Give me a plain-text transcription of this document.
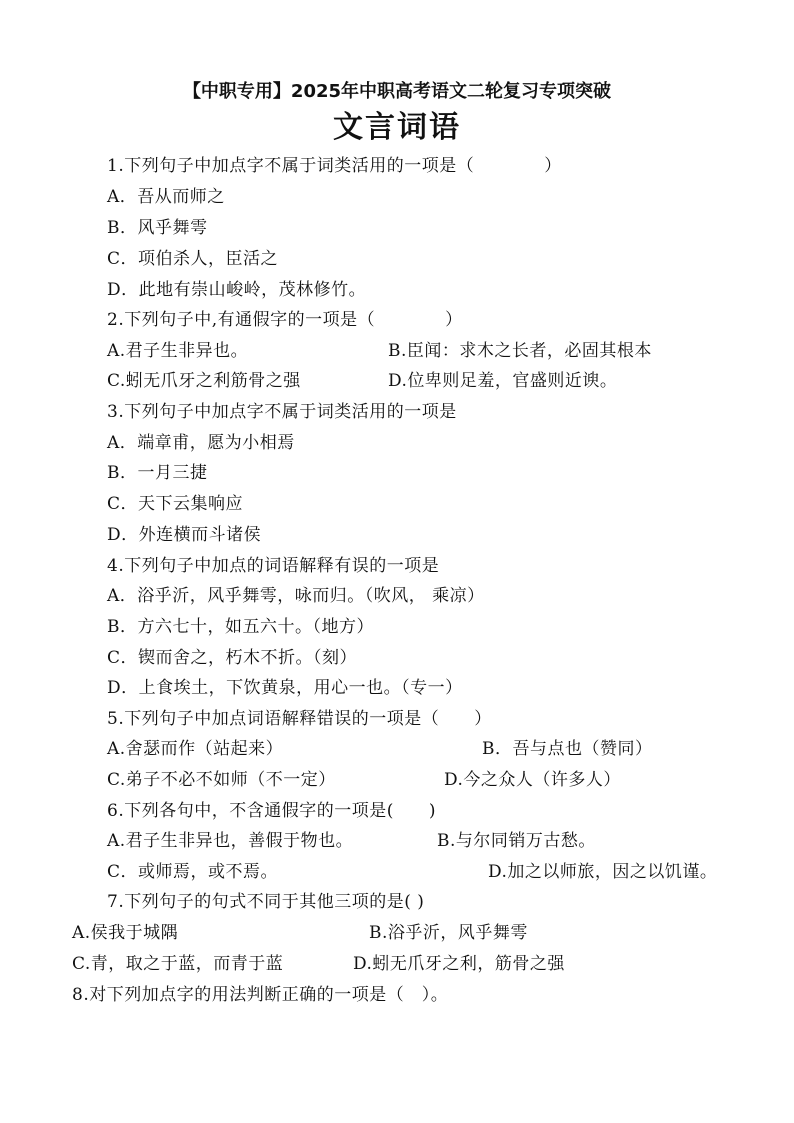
【中职专用】2025年中职高考语文二轮复习专项突破
文言词语
1.下列句子中加点字不属于词类活用的一项是（　　　　）
A．吾从而师之
B．风乎舞雩
C．项伯杀人，臣活之
D．此地有崇山峻岭，茂林修竹。
2.下列句子中,有通假字的一项是（　　　　）
A.君子生非异也。	B.臣闻：求木之长者，必固其根本
C.蚓无爪牙之利筋骨之强	D.位卑则足羞，官盛则近谀。
3.下列句子中加点字不属于词类活用的一项是
A．端章甫，愿为小相焉
B．一月三捷
C．天下云集响应
D．外连横而斗诸侯
4.下列句子中加点的词语解释有误的一项是
A．浴乎沂，风乎舞雩，咏而归。（吹风， 乘凉）
B．方六七十，如五六十。（地方）
C．锲而舍之，朽木不折。（刻）
D．上食埃土，下饮黄泉，用心一也。（专一）
5.下列句子中加点词语解释错误的一项是（　　）
A.舍瑟而作（站起来）	B．吾与点也（赞同）
C.弟子不必不如师（不一定）	D.今之众人（许多人）
6.下列各句中，不含通假字的一项是(　　)
A.君子生非异也，善假于物也。	B.与尔同销万古愁。
C．或师焉，或不焉。	D.加之以师旅，因之以饥谨。
7.下列句子的句式不同于其他三项的是( )
A.侯我于城隅	B.浴乎沂，风乎舞雩
C.青，取之于蓝，而青于蓝	D.蚓无爪牙之利，筋骨之强
8.对下列加点字的用法判断正确的一项是（　）。
